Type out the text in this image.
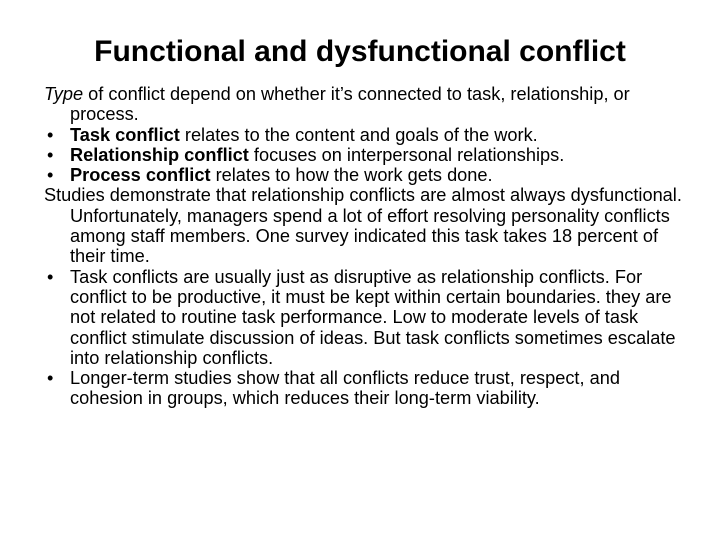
Functional and dysfunctional conflict

Type of conflict depend on whether it’s connected to task, relationship, or process.

• Task conflict relates to the content and goals of the work.

• Relationship conflict focuses on interpersonal relationships.

• Process conflict relates to how the work gets done.

Studies demonstrate that relationship conflicts are almost always dysfunctional. Unfortunately, managers spend a lot of effort resolving personality conflicts among staff members. One survey indicated this task takes 18 percent of their time.

• Task conflicts are usually just as disruptive as relationship conflicts. For conflict to be productive, it must be kept within certain boundaries. they are not related to routine task performance. Low to moderate levels of task conflict stimulate discussion of ideas. But task conflicts sometimes escalate into relationship conflicts.

• Longer-term studies show that all conflicts reduce trust, respect, and cohesion in groups, which reduces their long-term viability.
